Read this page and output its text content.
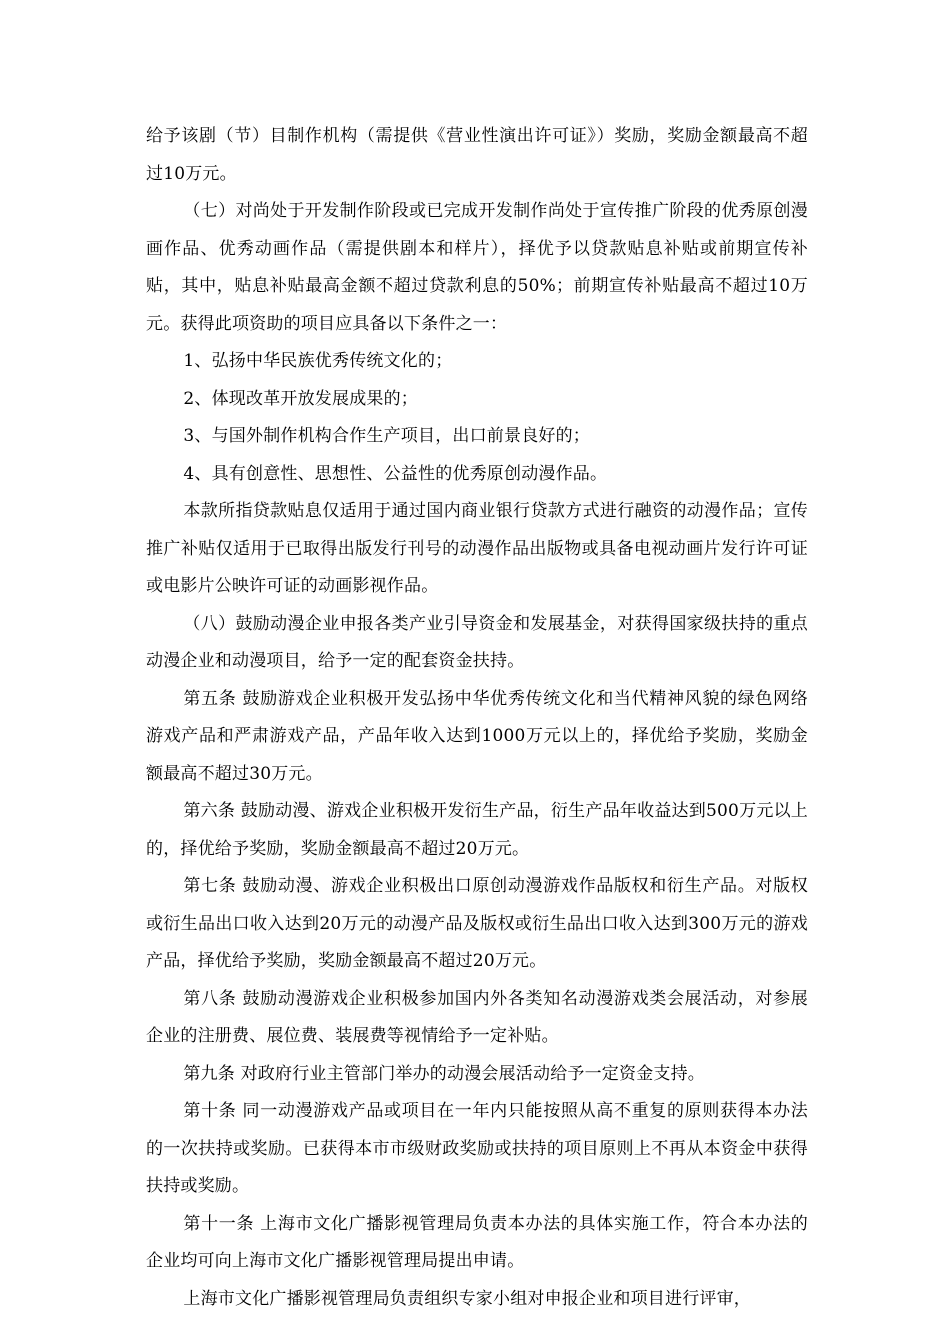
给予该剧（节）目制作机构（需提供《营业性演出许可证》）奖励，奖励金额最高不超过10万元。

（七）对尚处于开发制作阶段或已完成开发制作尚处于宣传推广阶段的优秀原创漫画作品、优秀动画作品（需提供剧本和样片），择优予以贷款贴息补贴或前期宣传补贴，其中，贴息补贴最高金额不超过贷款利息的50%；前期宣传补贴最高不超过10万元。获得此项资助的项目应具备以下条件之一：

1、弘扬中华民族优秀传统文化的；

2、体现改革开放发展成果的；

3、与国外制作机构合作生产项目，出口前景良好的；

4、具有创意性、思想性、公益性的优秀原创动漫作品。

本款所指贷款贴息仅适用于通过国内商业银行贷款方式进行融资的动漫作品；宣传推广补贴仅适用于已取得出版发行刊号的动漫作品出版物或具备电视动画片发行许可证或电影片公映许可证的动画影视作品。

（八）鼓励动漫企业申报各类产业引导资金和发展基金，对获得国家级扶持的重点动漫企业和动漫项目，给予一定的配套资金扶持。

第五条 鼓励游戏企业积极开发弘扬中华优秀传统文化和当代精神风貌的绿色网络游戏产品和严肃游戏产品，产品年收入达到1000万元以上的，择优给予奖励，奖励金额最高不超过30万元。

第六条 鼓励动漫、游戏企业积极开发衍生产品，衍生产品年收益达到500万元以上的，择优给予奖励，奖励金额最高不超过20万元。

第七条 鼓励动漫、游戏企业积极出口原创动漫游戏作品版权和衍生产品。对版权或衍生品出口收入达到20万元的动漫产品及版权或衍生品出口收入达到300万元的游戏产品，择优给予奖励，奖励金额最高不超过20万元。

第八条 鼓励动漫游戏企业积极参加国内外各类知名动漫游戏类会展活动，对参展企业的注册费、展位费、装展费等视情给予一定补贴。

第九条 对政府行业主管部门举办的动漫会展活动给予一定资金支持。

第十条 同一动漫游戏产品或项目在一年内只能按照从高不重复的原则获得本办法的一次扶持或奖励。已获得本市市级财政奖励或扶持的项目原则上不再从本资金中获得扶持或奖励。

第十一条 上海市文化广播影视管理局负责本办法的具体实施工作，符合本办法的企业均可向上海市文化广播影视管理局提出申请。

上海市文化广播影视管理局负责组织专家小组对申报企业和项目进行评审，
